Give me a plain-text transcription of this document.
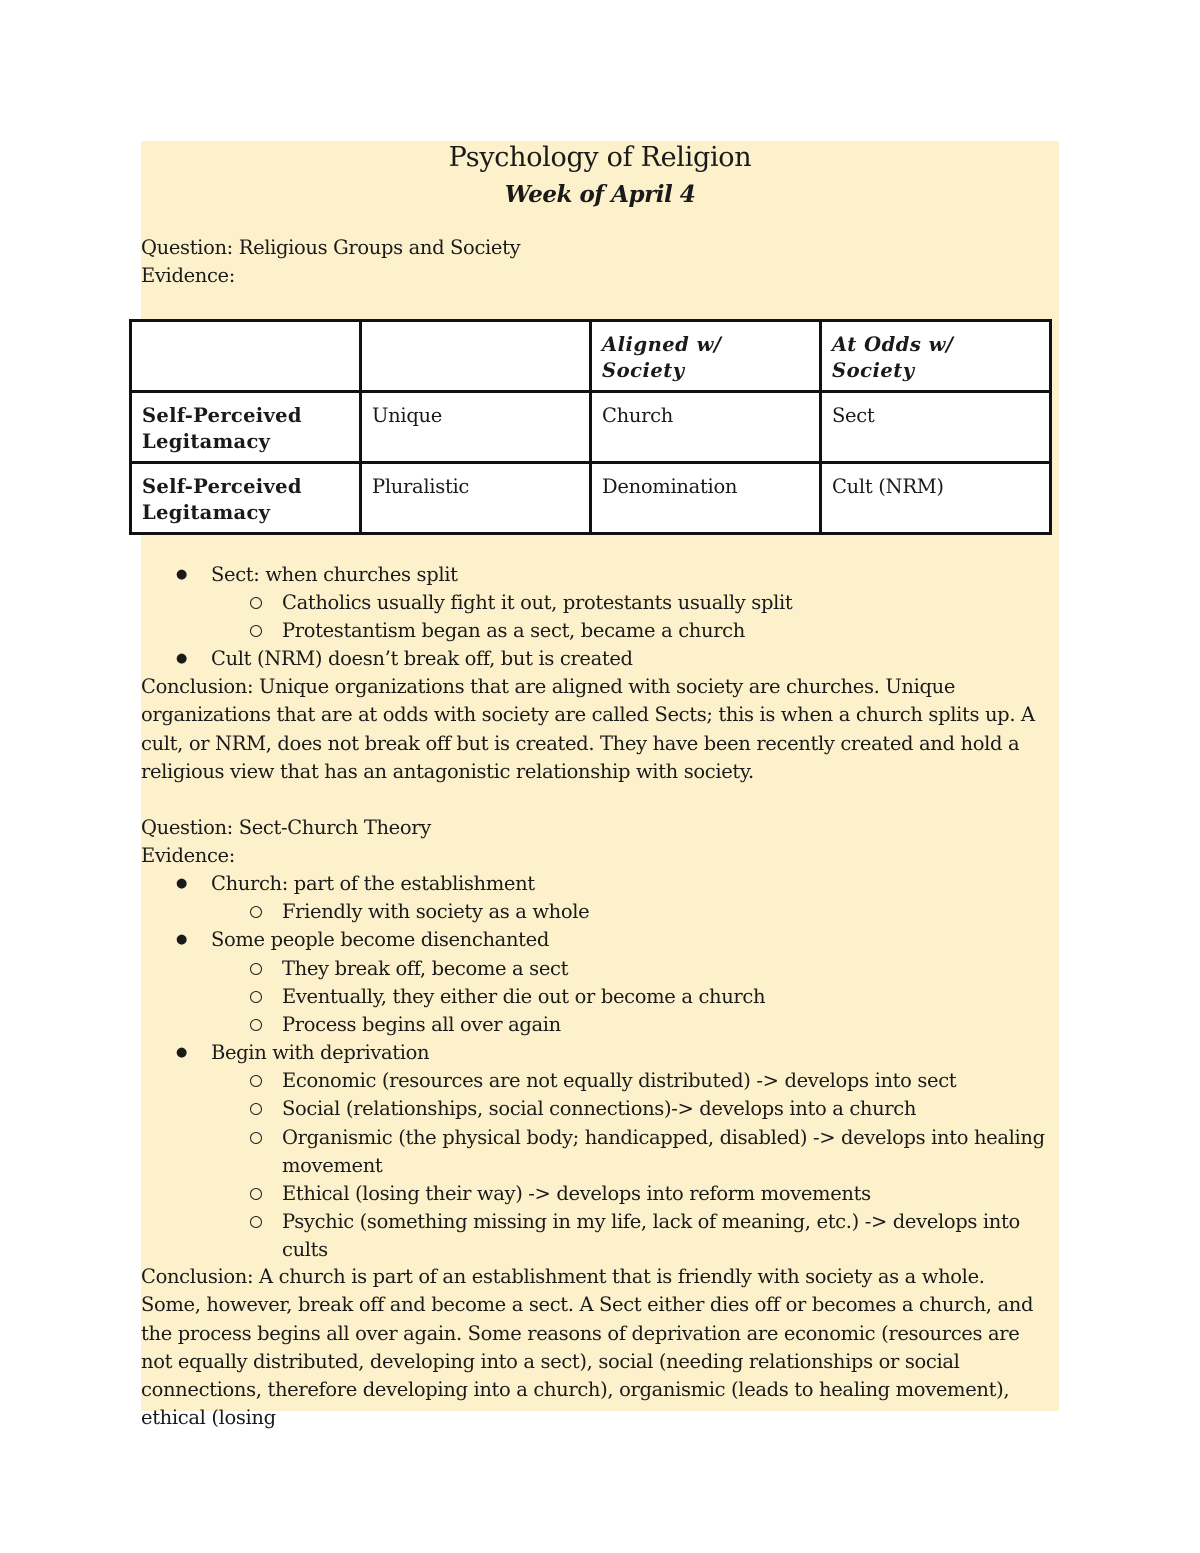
Psychology of Religion
Week of April 4
Question: Religious Groups and Society
Evidence:
		Aligned w/ Society	At Odds w/ Society
Self-Perceived Legitamacy	Unique	Church	Sect
Self-Perceived Legitamacy	Pluralistic	Denomination	Cult (NRM)
● Sect: when churches split
Catholics usually fight it out, protestants usually split
Protestantism began as a sect, became a church
● Cult (NRM) doesn’t break off, but is created
Conclusion: Unique organizations that are aligned with society are churches. Unique organizations that are at odds with society are called Sects; this is when a church splits up. A cult, or NRM, does not break off but is created. They have been recently created and hold a religious view that has an antagonistic relationship with society.
Question: Sect-Church Theory
Evidence:
● Church: part of the establishment
Friendly with society as a whole
● Some people become disenchanted
They break off, become a sect
Eventually, they either die out or become a church
Process begins all over again
● Begin with deprivation
Economic (resources are not equally distributed) -> develops into sect
Social (relationships, social connections)-> develops into a church
Organismic (the physical body; handicapped, disabled) -> develops into healing
movement
Ethical (losing their way) -> develops into reform movements
Psychic (something missing in my life, lack of meaning, etc.) -> develops into
cults
Conclusion: A church is part of an establishment that is friendly with society as a whole. Some, however, break off and become a sect. A Sect either dies off or becomes a church, and the process begins all over again. Some reasons of deprivation are economic (resources are not equally distributed, developing into a sect), social (needing relationships or social connections, therefore developing into a church), organismic (leads to healing movement), ethical (losing
